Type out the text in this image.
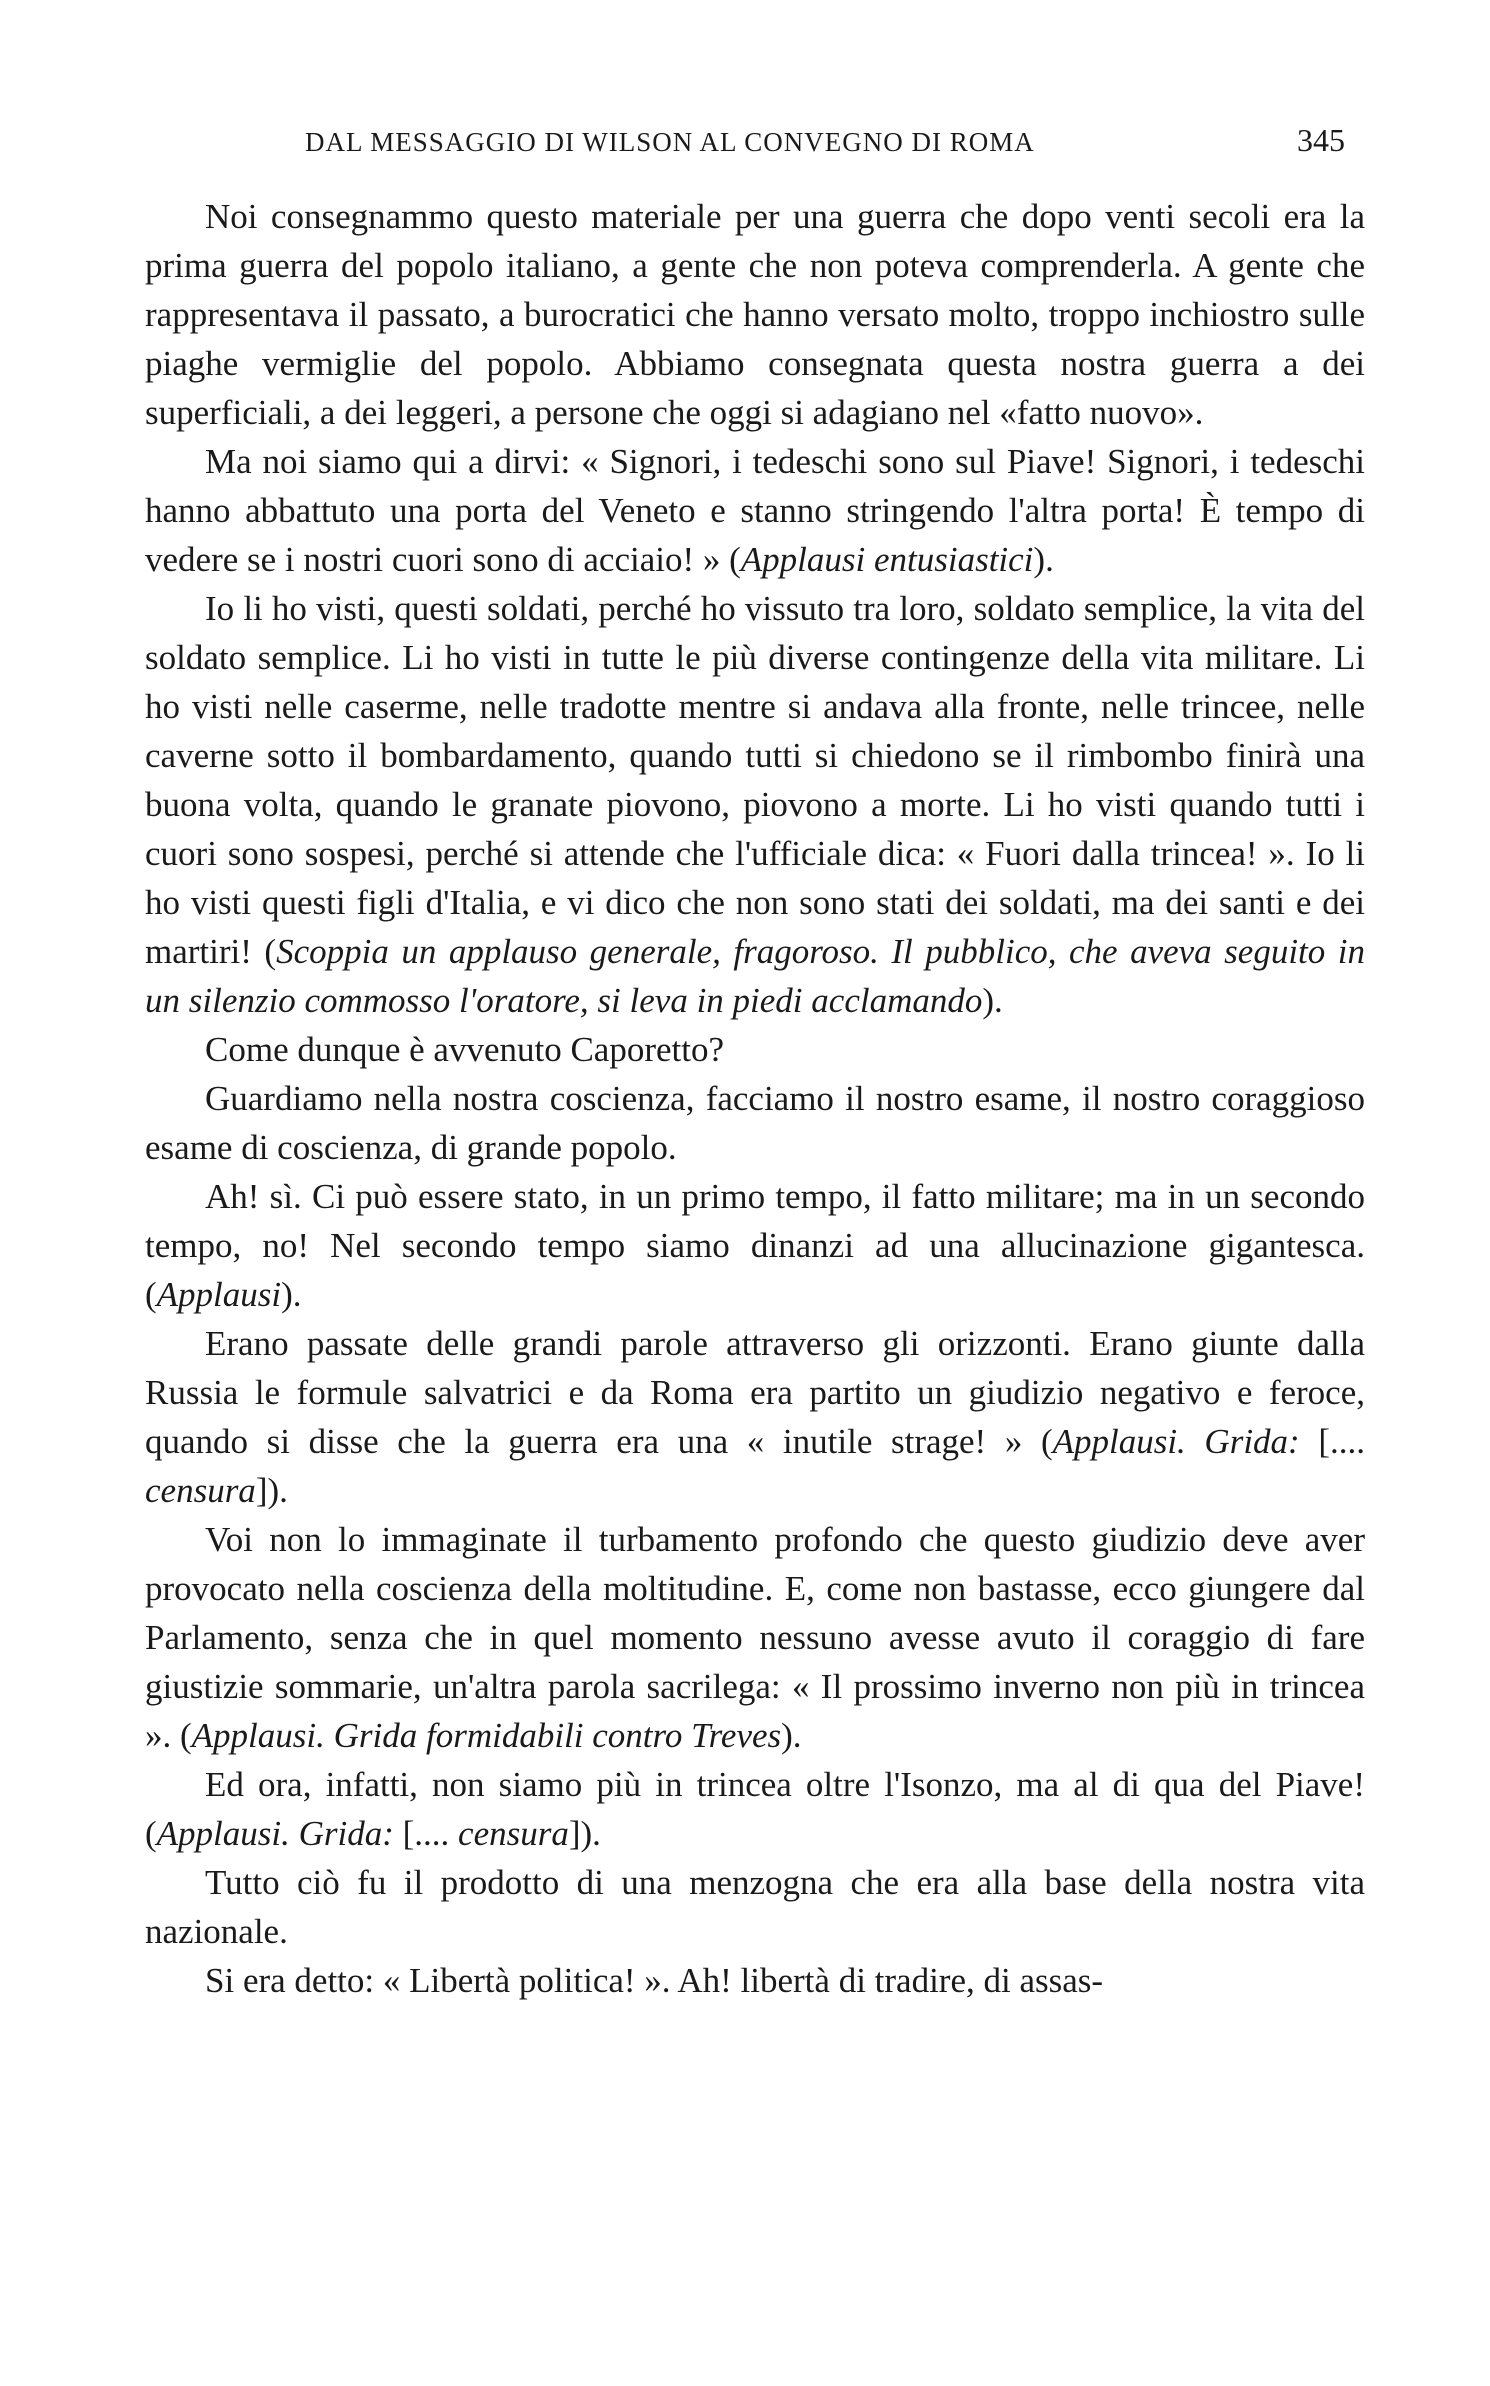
DAL MESSAGGIO DI WILSON AL CONVEGNO DI ROMA	345

Noi consegnammo questo materiale per una guerra che dopo venti secoli era la prima guerra del popolo italiano, a gente che non poteva comprenderla. A gente che rappresentava il passato, a burocratici che hanno versato molto, troppo inchiostro sulle piaghe vermiglie del popolo. Abbiamo consegnata questa nostra guerra a dei superficiali, a dei leggeri, a persone che oggi si adagiano nel «fatto nuovo».

Ma noi siamo qui a dirvi: « Signori, i tedeschi sono sul Piave! Signori, i tedeschi hanno abbattuto una porta del Veneto e stanno stringendo l'altra porta! È tempo di vedere se i nostri cuori sono di acciaio! » (Applausi entusiastici).

Io li ho visti, questi soldati, perché ho vissuto tra loro, soldato semplice, la vita del soldato semplice. Li ho visti in tutte le più diverse contingenze della vita militare. Li ho visti nelle caserme, nelle tradotte mentre si andava alla fronte, nelle trincee, nelle caverne sotto il bombardamento, quando tutti si chiedono se il rimbombo finirà una buona volta, quando le granate piovono, piovono a morte. Li ho visti quando tutti i cuori sono sospesi, perché si attende che l'ufficiale dica: « Fuori dalla trincea! ». Io li ho visti questi figli d'Italia, e vi dico che non sono stati dei soldati, ma dei santi e dei martiri! (Scoppia un applauso generale, fragoroso. Il pubblico, che aveva seguito in un silenzio commosso l'oratore, si leva in piedi acclamando).

Come dunque è avvenuto Caporetto?

Guardiamo nella nostra coscienza, facciamo il nostro esame, il nostro coraggioso esame di coscienza, di grande popolo.

Ah! sì. Ci può essere stato, in un primo tempo, il fatto militare; ma in un secondo tempo, no! Nel secondo tempo siamo dinanzi ad una allucinazione gigantesca. (Applausi).

Erano passate delle grandi parole attraverso gli orizzonti. Erano giunte dalla Russia le formule salvatrici e da Roma era partito un giudizio negativo e feroce, quando si disse che la guerra era una « inutile strage! » (Applausi. Grida: [.... censura]).

Voi non lo immaginate il turbamento profondo che questo giudizio deve aver provocato nella coscienza della moltitudine. E, come non bastasse, ecco giungere dal Parlamento, senza che in quel momento nessuno avesse avuto il coraggio di fare giustizie sommarie, un'altra parola sacrilega: « Il prossimo inverno non più in trincea ». (Applausi. Grida formidabili contro Treves).

Ed ora, infatti, non siamo più in trincea oltre l'Isonzo, ma al di qua del Piave! (Applausi. Grida: [.... censura]).

Tutto ciò fu il prodotto di una menzogna che era alla base della nostra vita nazionale.

Si era detto: « Libertà politica! ». Ah! libertà di tradire, di assas-
